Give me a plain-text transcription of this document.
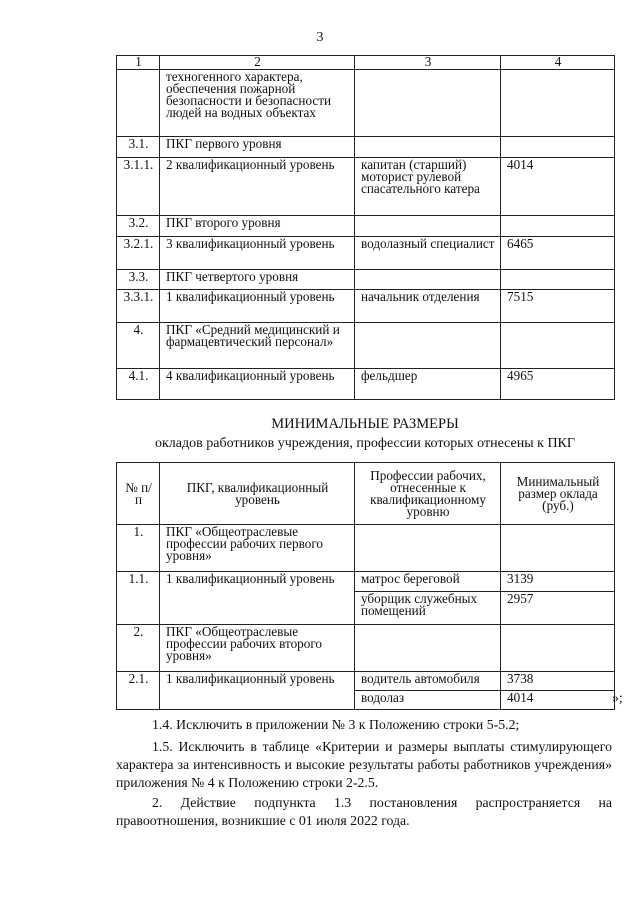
3
1	2	3	4
	техногенного характера, обеспечения пожарной безопасности и безопасности людей на водных объектах		
3.1.	ПКГ первого уровня		
3.1.1.	2 квалификационный уровень	капитан (старший) моторист рулевой спасательного катера	4014
3.2.	ПКГ второго уровня		
3.2.1.	3 квалификационный уровень	водолазный специалист	6465
3.3.	ПКГ четвертого уровня		
3.3.1.	1 квалификационный уровень	начальник отделения	7515
4.	ПКГ «Средний медицинский и фармацевтический персонал»		
4.1.	4 квалификационный уровень	фельдшер	4965
МИНИМАЛЬНЫЕ РАЗМЕРЫ
окладов работников учреждения, профессии которых отнесены к ПКГ
№ п/п	ПКГ, квалификационный уровень	Профессии рабочих, отнесенные к квалификационному уровню	Минимальный размер оклада (руб.)
1.	ПКГ «Общеотраслевые профессии рабочих первого уровня»		
1.1.	1 квалификационный уровень	матрос береговой	3139
		уборщик служебных помещений	2957
2.	ПКГ «Общеотраслевые профессии рабочих второго уровня»		
2.1.	1 квалификационный уровень	водитель автомобиля	3738
		водолаз	4014	»;
1.4. Исключить в приложении № 3 к Положению строки 5-5.2;
1.5. Исключить в таблице «Критерии и размеры выплаты стимулирующего характера за интенсивность и высокие результаты работы работников учреждения» приложения № 4 к Положению строки 2-2.5.
2. Действие подпункта 1.3 постановления распространяется на правоотношения, возникшие с 01 июля 2022 года.
